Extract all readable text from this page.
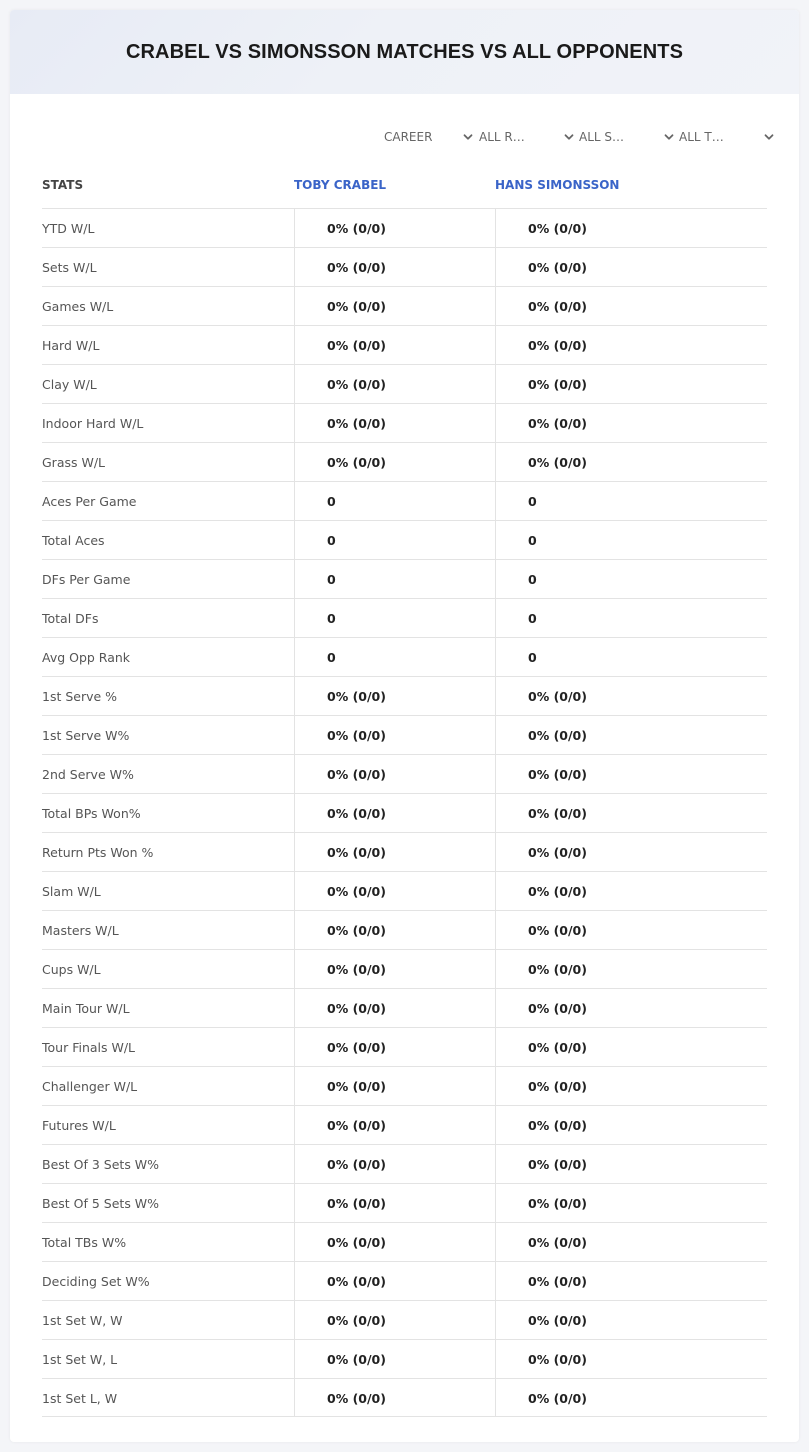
CRABEL VS SIMONSSON MATCHES VS ALL OPPONENTS
CAREER	ALL R…	ALL S…	ALL T…
STATS	TOBY CRABEL	HANS SIMONSSON
YTD W/L	0% (0/0)	0% (0/0)
Sets W/L	0% (0/0)	0% (0/0)
Games W/L	0% (0/0)	0% (0/0)
Hard W/L	0% (0/0)	0% (0/0)
Clay W/L	0% (0/0)	0% (0/0)
Indoor Hard W/L	0% (0/0)	0% (0/0)
Grass W/L	0% (0/0)	0% (0/0)
Aces Per Game	0	0
Total Aces	0	0
DFs Per Game	0	0
Total DFs	0	0
Avg Opp Rank	0	0
1st Serve %	0% (0/0)	0% (0/0)
1st Serve W%	0% (0/0)	0% (0/0)
2nd Serve W%	0% (0/0)	0% (0/0)
Total BPs Won%	0% (0/0)	0% (0/0)
Return Pts Won %	0% (0/0)	0% (0/0)
Slam W/L	0% (0/0)	0% (0/0)
Masters W/L	0% (0/0)	0% (0/0)
Cups W/L	0% (0/0)	0% (0/0)
Main Tour W/L	0% (0/0)	0% (0/0)
Tour Finals W/L	0% (0/0)	0% (0/0)
Challenger W/L	0% (0/0)	0% (0/0)
Futures W/L	0% (0/0)	0% (0/0)
Best Of 3 Sets W%	0% (0/0)	0% (0/0)
Best Of 5 Sets W%	0% (0/0)	0% (0/0)
Total TBs W%	0% (0/0)	0% (0/0)
Deciding Set W%	0% (0/0)	0% (0/0)
1st Set W, W	0% (0/0)	0% (0/0)
1st Set W, L	0% (0/0)	0% (0/0)
1st Set L, W	0% (0/0)	0% (0/0)
